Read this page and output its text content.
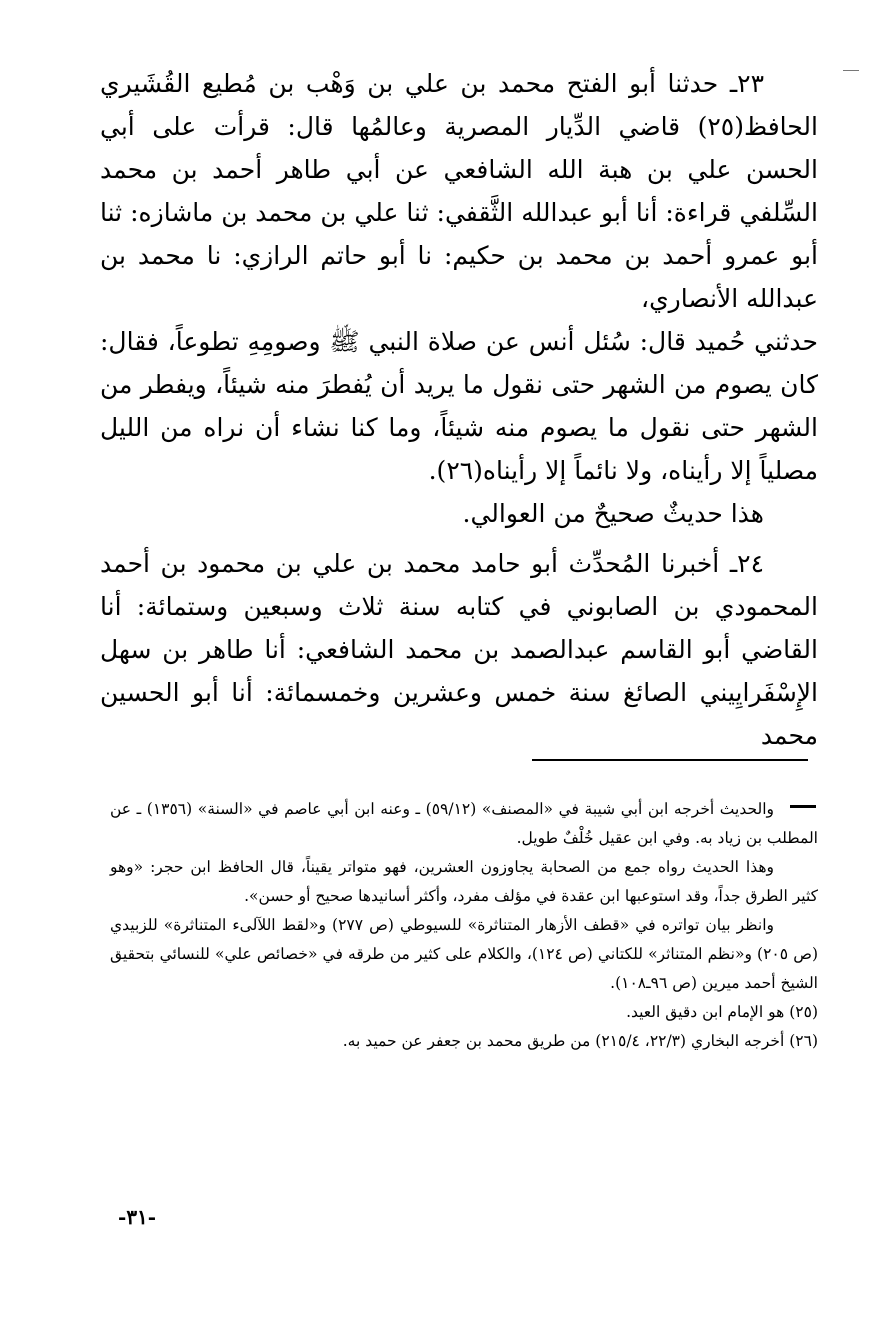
٢٣ـ حدثنا أبو الفتح محمد بن علي بن وَهْب بن مُطيع القُشَيري الحافظ(٢٥) قاضي الدِّيار المصرية وعالمُها قال: قرأت على أبي الحسن علي بن هبة الله الشافعي عن أبي طاهر أحمد بن محمد السِّلفي قراءة: أنا أبو عبدالله الثَّقفي: ثنا علي بن محمد بن ماشازه: ثنا أبو عمرو أحمد بن محمد بن حكيم: نا أبو حاتم الرازي: نا محمد بن عبدالله الأنصاري،

حدثني حُميد قال: سُئل أنس عن صلاة النبي ﷺ وصومِهِ تطوعاً، فقال: كان يصوم من الشهر حتى نقول ما يريد أن يُفطرَ منه شيئاً، ويفطر من الشهر حتى نقول ما يصوم منه شيئاً، وما كنا نشاء أن نراه من الليل مصلياً إلا رأيناه، ولا نائماً إلا رأيناه(٢٦).

هذا حديثٌ صحيحٌ من العوالي.

٢٤ـ أخبرنا المُحدِّث أبو حامد محمد بن علي بن محمود بن أحمد المحمودي بن الصابوني في كتابه سنة ثلاث وسبعين وستمائة: أنا القاضي أبو القاسم عبدالصمد بن محمد الشافعي: أنا طاهر بن سهل الإِسْفَرايِيني الصائغ سنة خمس وعشرين وخمسمائة: أنا أبو الحسين محمد

والحديث أخرجه ابن أبي شيبة في «المصنف» (٥٩/١٢) ـ وعنه ابن أبي عاصم في «السنة» (١٣٥٦) ـ عن المطلب بن زياد به. وفي ابن عقيل خُلْفٌ طويل.

وهذا الحديث رواه جمع من الصحابة يجاوزون العشرين، فهو متواتر يقيناً، قال الحافظ ابن حجر: «وهو كثير الطرق جداً، وقد استوعبها ابن عقدة في مؤلف مفرد، وأكثر أسانيدها صحيح أو حسن».

وانظر بيان تواتره في «قطف الأزهار المتناثرة» للسيوطي (ص ٢٧٧) و«لقط اللآلىء المتناثرة» للزبيدي (ص ٢٠٥) و«نظم المتناثر» للكتاني (ص ١٢٤)، والكلام على كثير من طرقه في «خصائص علي» للنسائي بتحقيق الشيخ أحمد ميرين (ص ٩٦ـ١٠٨).

(٢٥) هو الإمام ابن دقيق العيد.

(٢٦) أخرجه البخاري (٢٢/٣، ٢١٥/٤) من طريق محمد بن جعفر عن حميد به.

-٣١-
